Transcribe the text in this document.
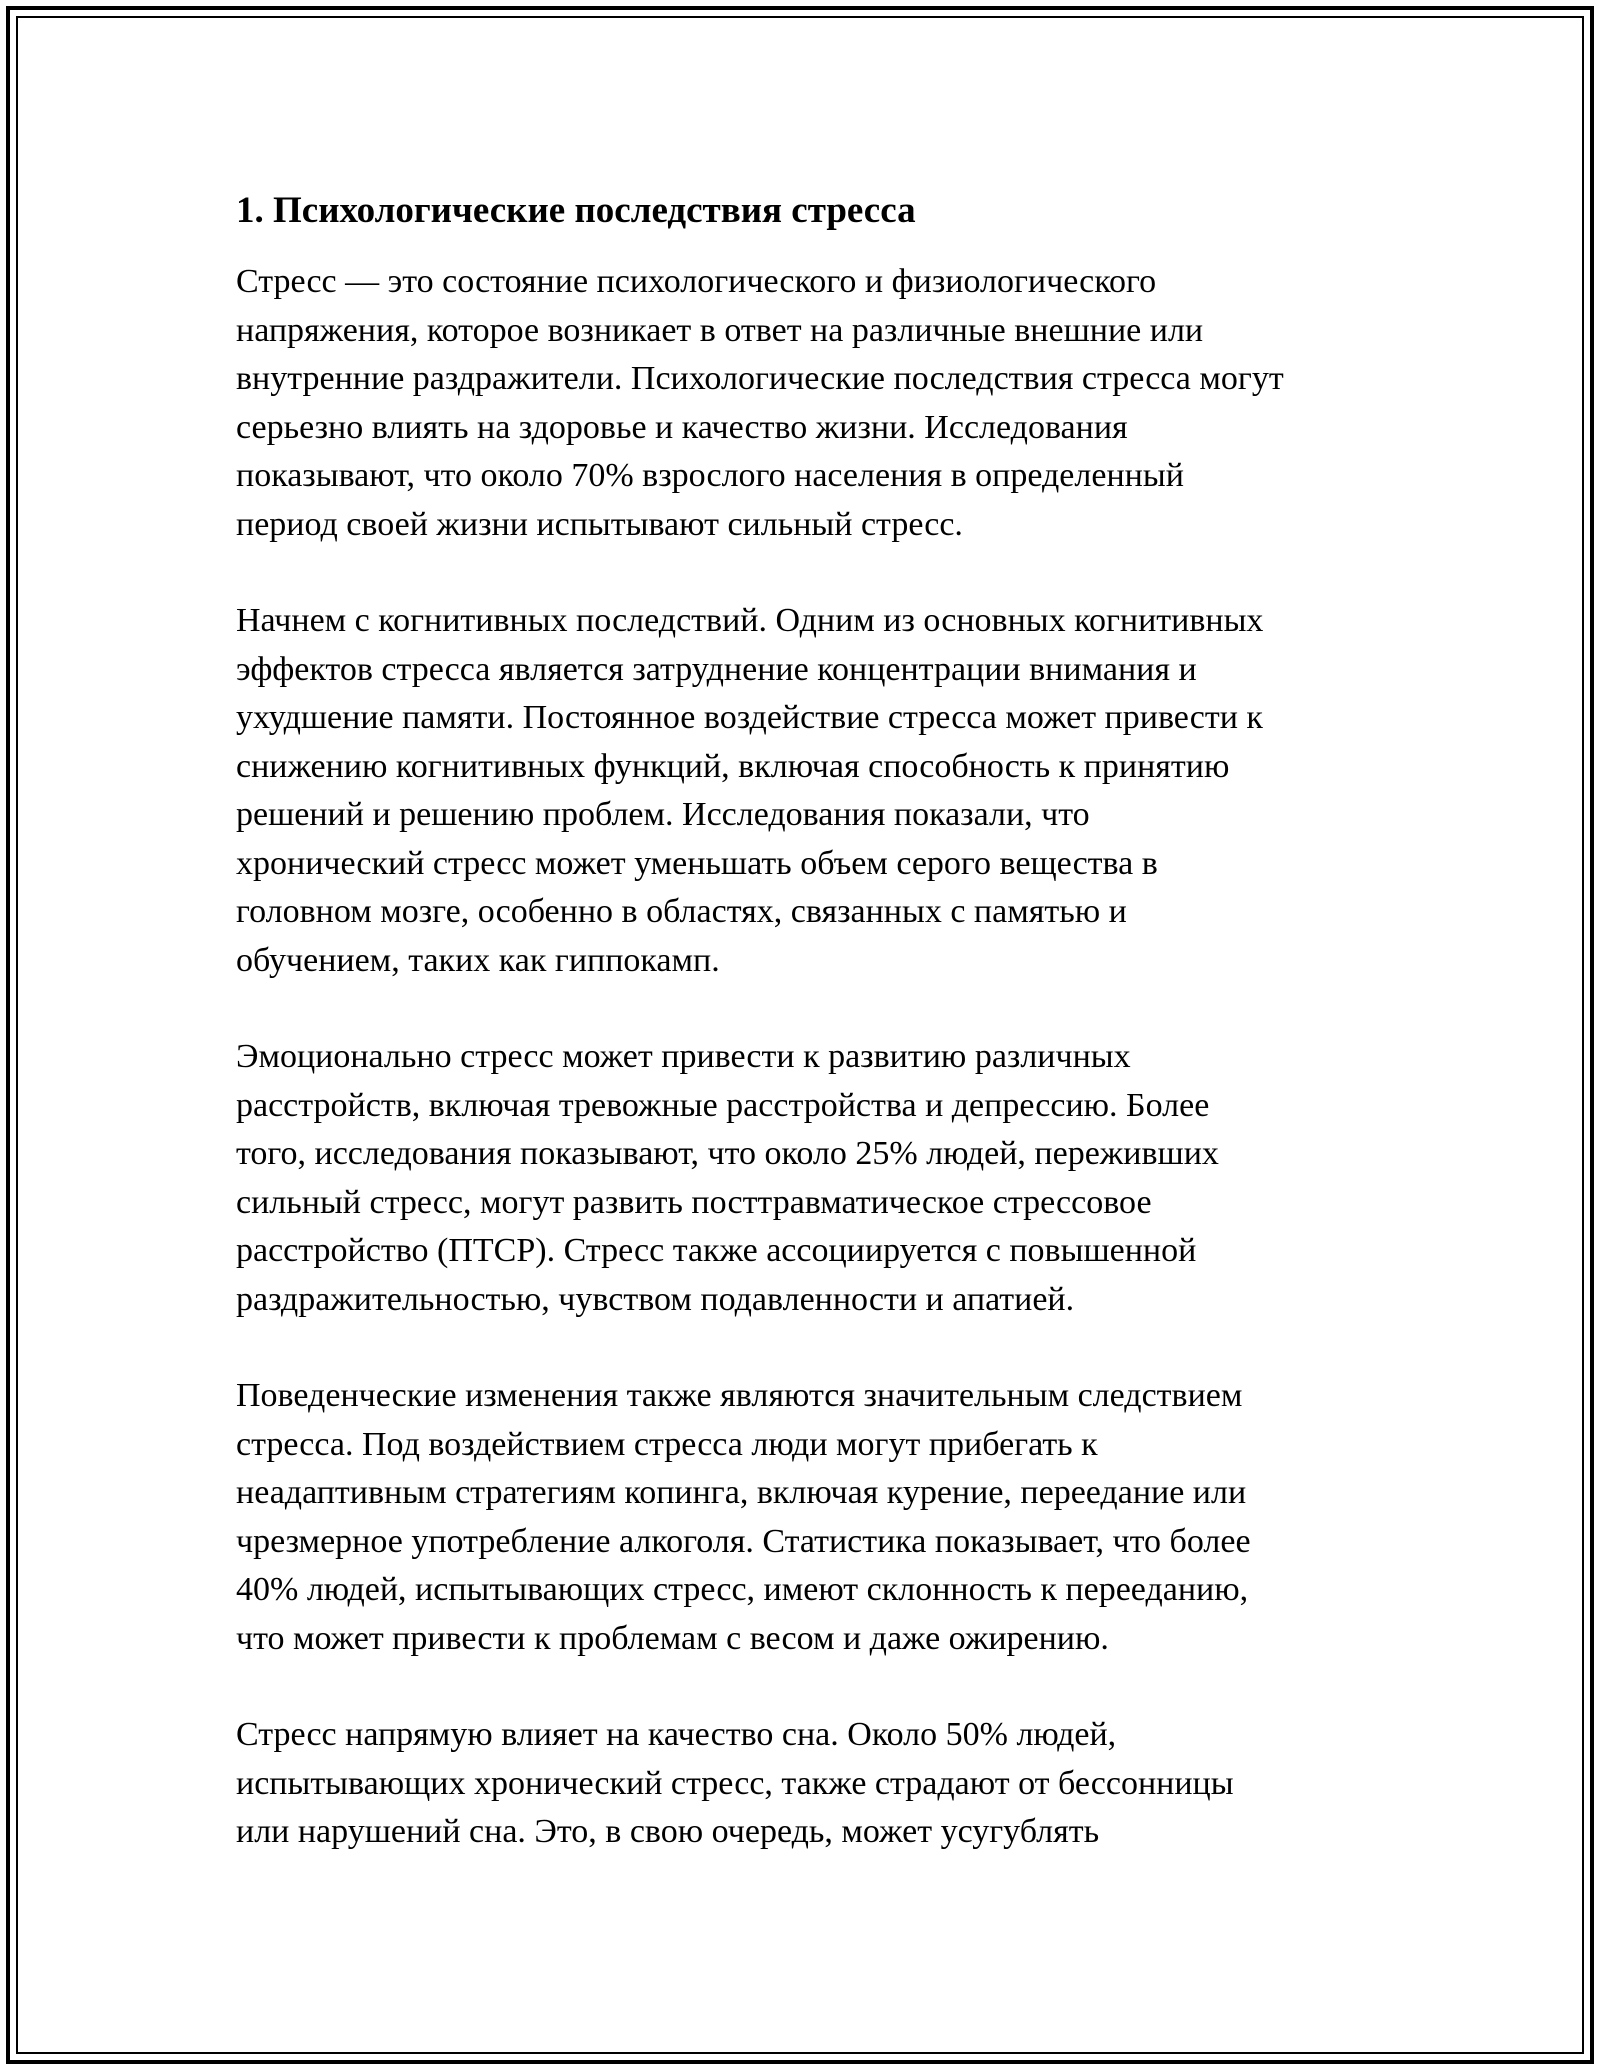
1. Психологические последствия стресса
Стресс — это состояние психологического и физиологического
напряжения, которое возникает в ответ на различные внешние или
внутренние раздражители. Психологические последствия стресса могут
серьезно влиять на здоровье и качество жизни. Исследования
показывают, что около 70% взрослого населения в определенный
период своей жизни испытывают сильный стресс.
Начнем с когнитивных последствий. Одним из основных когнитивных
эффектов стресса является затруднение концентрации внимания и
ухудшение памяти. Постоянное воздействие стресса может привести к
снижению когнитивных функций, включая способность к принятию
решений и решению проблем. Исследования показали, что
хронический стресс может уменьшать объем серого вещества в
головном мозге, особенно в областях, связанных с памятью и
обучением, таких как гиппокамп.
Эмоционально стресс может привести к развитию различных
расстройств, включая тревожные расстройства и депрессию. Более
того, исследования показывают, что около 25% людей, переживших
сильный стресс, могут развить посттравматическое стрессовое
расстройство (ПТСР). Стресс также ассоциируется с повышенной
раздражительностью, чувством подавленности и апатией.
Поведенческие изменения также являются значительным следствием
стресса. Под воздействием стресса люди могут прибегать к
неадаптивным стратегиям копинга, включая курение, переедание или
чрезмерное употребление алкоголя. Статистика показывает, что более
40% людей, испытывающих стресс, имеют склонность к перееданию,
что может привести к проблемам с весом и даже ожирению.
Стресс напрямую влияет на качество сна. Около 50% людей,
испытывающих хронический стресс, также страдают от бессонницы
или нарушений сна. Это, в свою очередь, может усугублять
